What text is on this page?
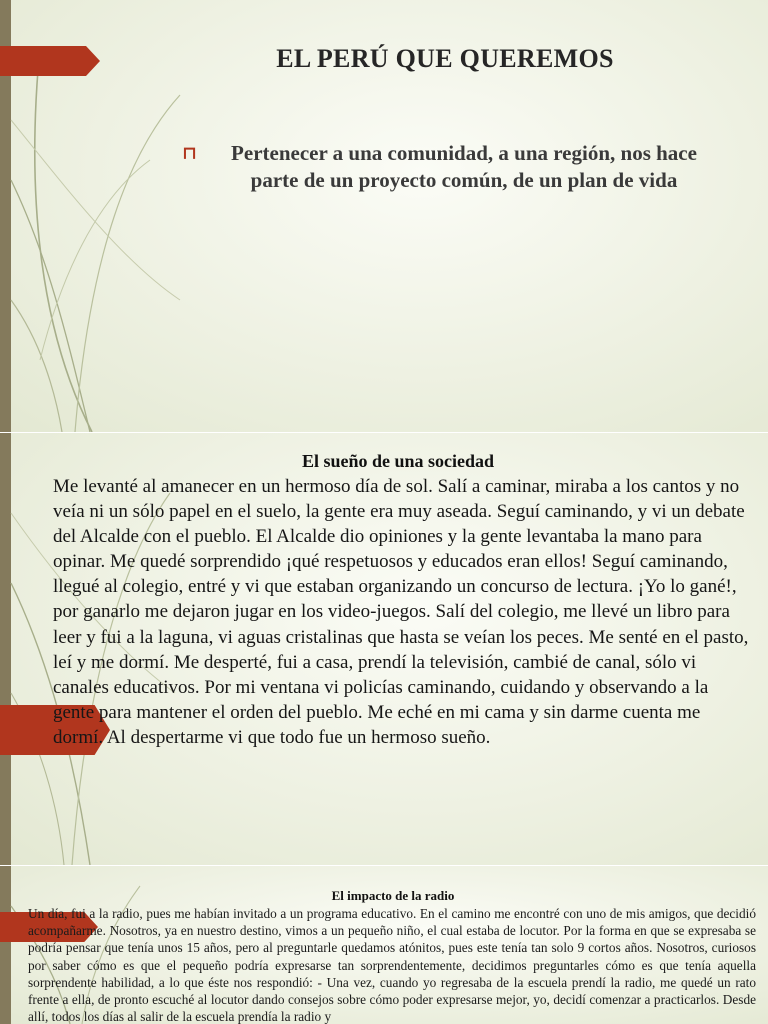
EL PERÚ QUE QUEREMOS
⊓	Pertenecer a una comunidad, a una región, nos hace parte de un proyecto común, de un plan de vida
El sueño de una sociedad
Me levanté al amanecer en un hermoso día de sol. Salí a caminar, miraba a los cantos y no veía ni un sólo papel en el suelo, la gente era muy aseada. Seguí caminando, y vi un debate del Alcalde con el pueblo. El Alcalde dio opiniones y la gente levantaba la mano para opinar. Me quedé sorprendido ¡qué respetuosos y educados eran ellos! Seguí caminando, llegué al colegio, entré y vi que estaban organizando un concurso de lectura. ¡Yo lo gané!, por ganarlo me dejaron jugar en los video-juegos. Salí del colegio, me llevé un libro para leer y fui a la laguna, vi aguas cristalinas que hasta se veían los peces. Me senté en el pasto, leí y me dormí. Me desperté, fui a casa, prendí la televisión, cambié de canal, sólo vi canales educativos. Por mi ventana vi policías caminando, cuidando y observando a la gente para mantener el orden del pueblo. Me eché en mi cama y sin darme cuenta me dormí. Al despertarme vi que todo fue un hermoso sueño.
El impacto de la radio
Un día, fui a la radio, pues me habían invitado a un programa educativo. En el camino me encontré con uno de mis amigos, que decidió acompañarme. Nosotros, ya en nuestro destino, vimos a un pequeño niño, el cual estaba de locutor. Por la forma en que se expresaba se podría pensar que tenía unos 15 años, pero al preguntarle quedamos atónitos, pues este tenía tan solo 9 cortos años. Nosotros, curiosos por saber cómo es que el pequeño podría expresarse tan sorprendentemente, decidimos preguntarles cómo es que tenía aquella sorprendente habilidad, a lo que éste nos respondió: - Una vez, cuando yo regresaba de la escuela prendí la radio, me quedé un rato frente a ella, de pronto escuché al locutor dando consejos sobre cómo poder expresarse mejor, yo, decidí comenzar a practicarlos. Desde allí, todos los días al salir de la escuela prendía la radio y
